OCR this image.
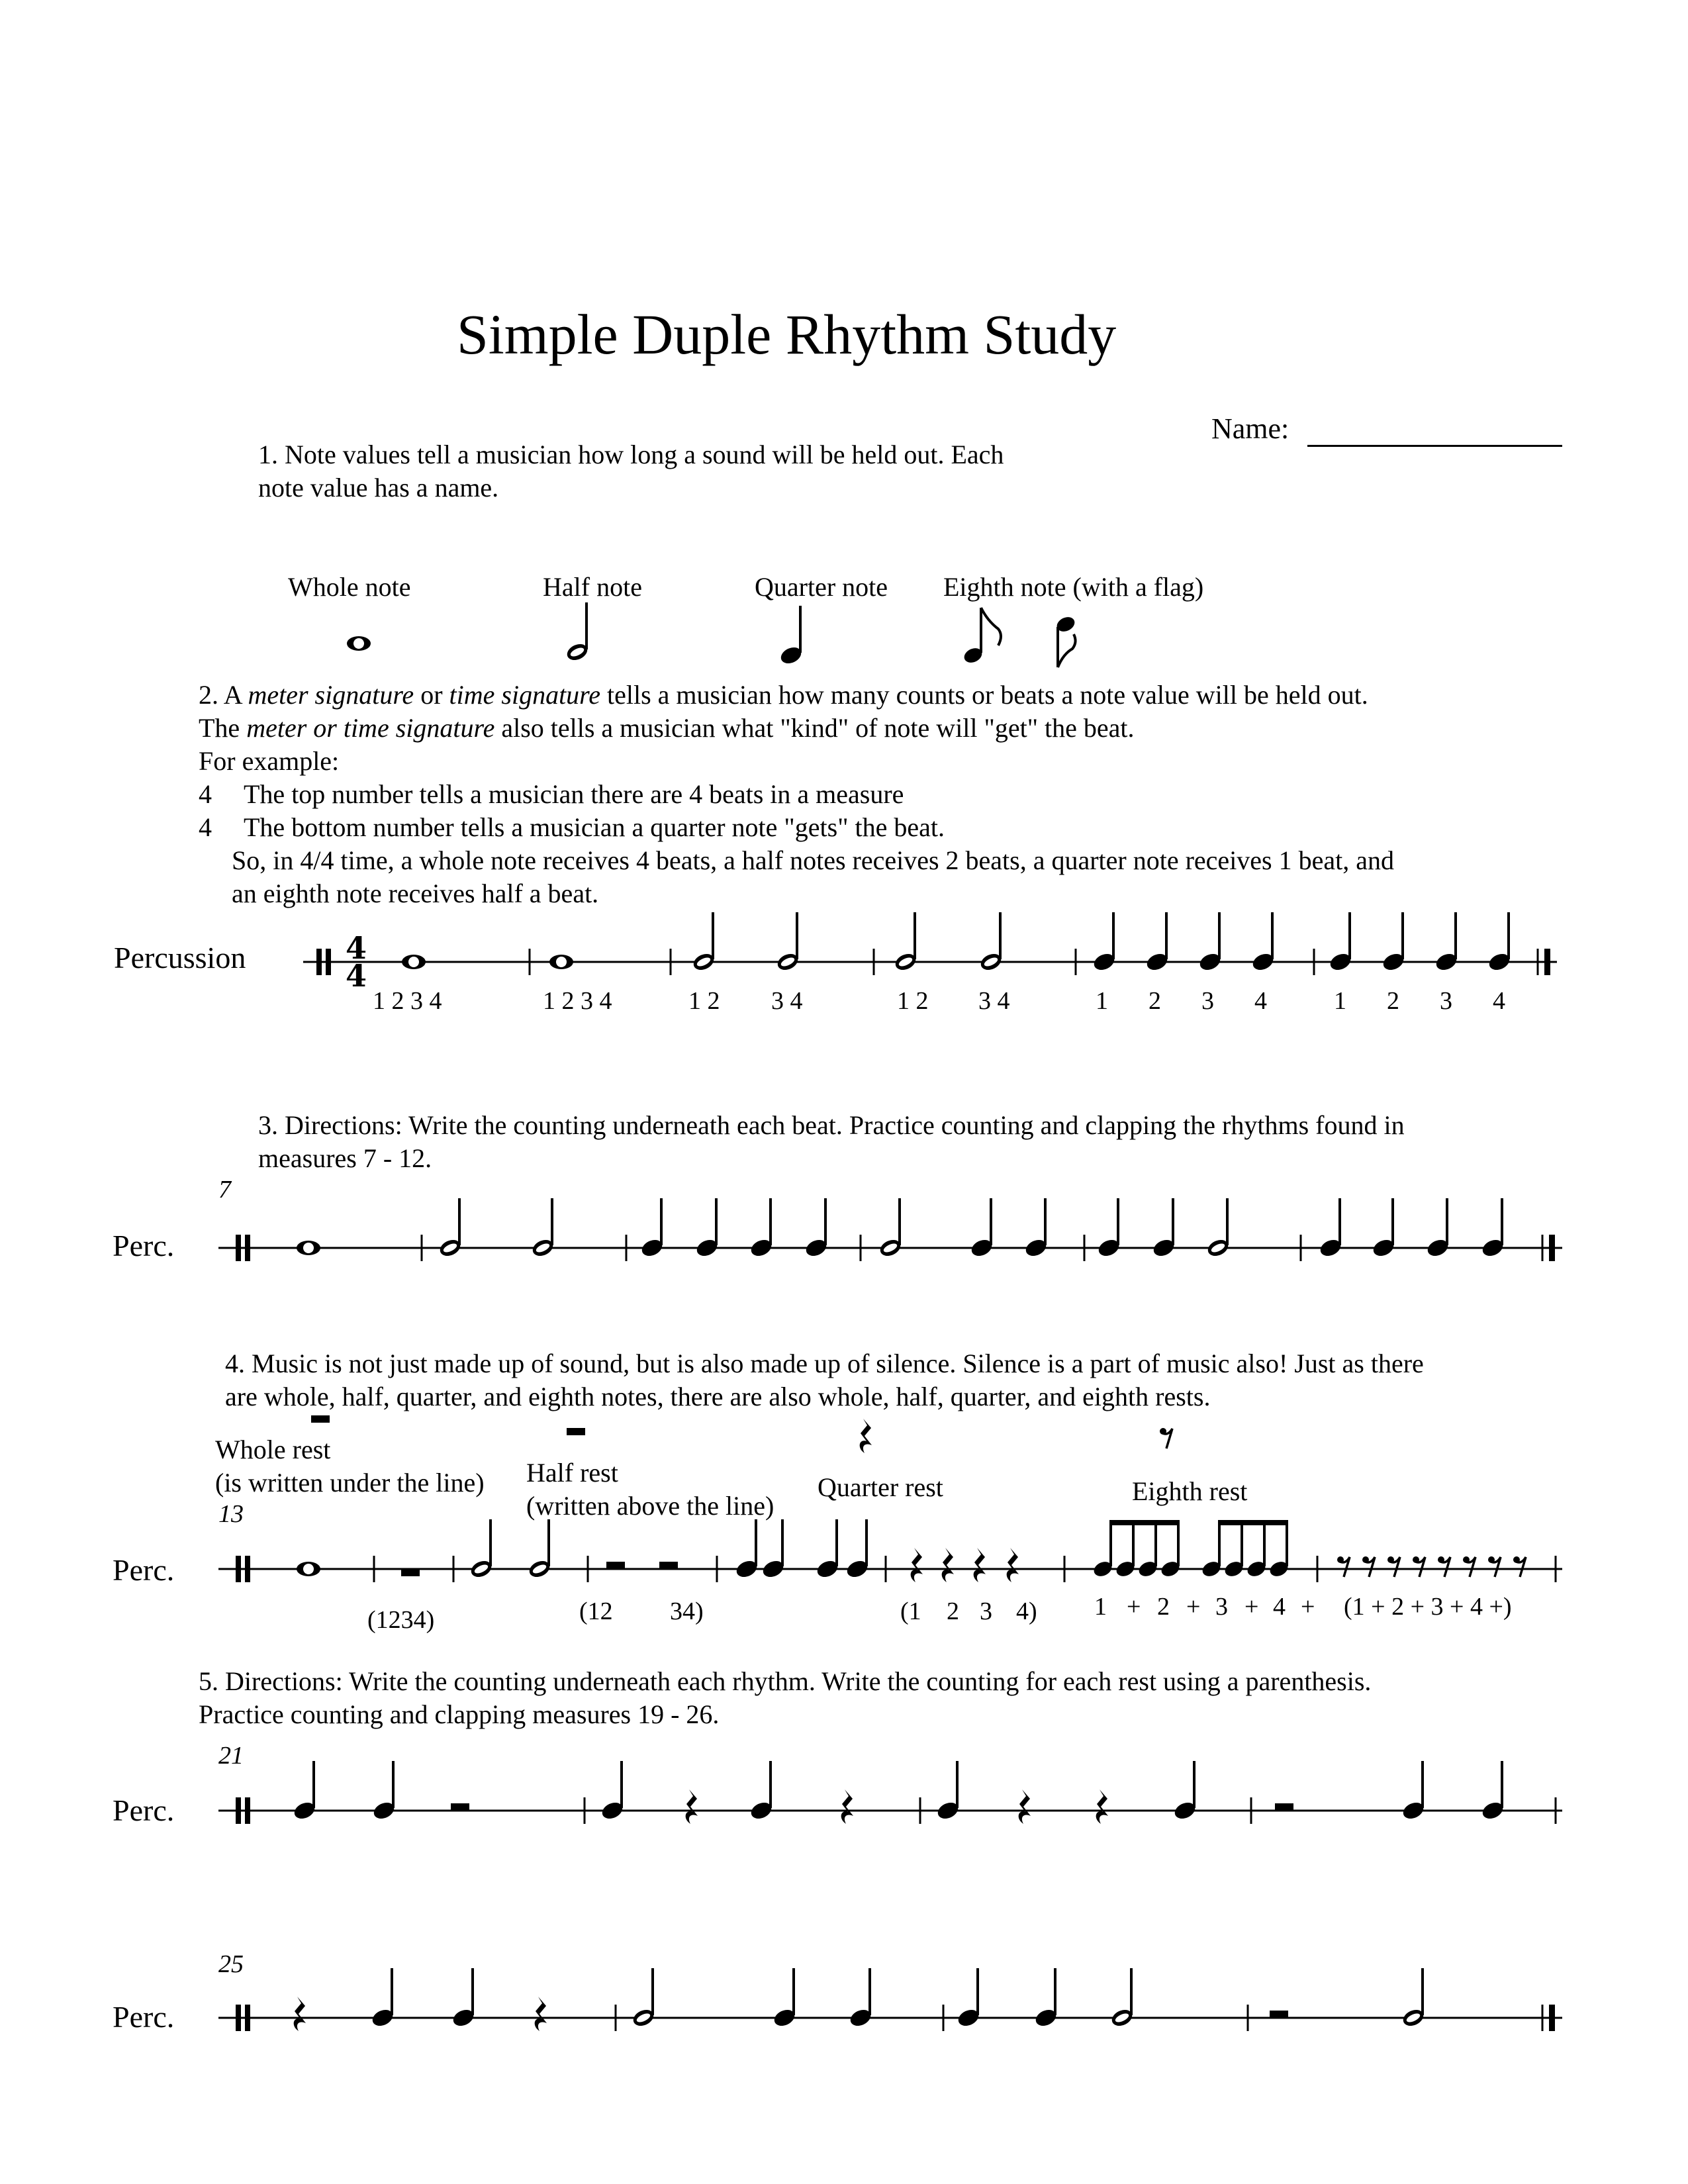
Simple Duple Rhythm Study
Name:
1. Note values tell a musician how long a sound will be held out. Each
note value has a name.
Whole note	Half note	Quarter note Eighth note (with a flag)
2. A meter signature or time signature tells a musician how many counts or beats a note value will be held out.
The meter or time signature also tells a musician what "kind" of note will "get" the beat.
For example:
4 The top number tells a musician there are 4 beats in a measure
4 The bottom number tells a musician a quarter note "gets" the beat.
So, in 4/4 time, a whole note receives 4 beats, a half notes receives 2 beats, a quarter note receives 1 beat, and
an eighth note receives half a beat.
Percussion
1 2 3 4	1 2 3 4	1 2 3 4	1 2 3 4	1 2 3 4	1 2 3 4
3. Directions: Write the counting underneath each beat. Practice counting and clapping the rhythms found in
measures 7 - 12.
7
Perc.
4. Music is not just made up of sound, but is also made up of silence. Silence is a part of music also! Just as there
are whole, half, quarter, and eighth notes, there are also whole, half, quarter, and eighth rests.
Whole rest
(is written under the line) Half rest
(written above the line)
Quarter rest	Eighth rest
13
Perc.
(1234)	(12 34)	(1 2 3 4) 1 + 2 + 3 + 4 + (1 + 2 + 3 + 4 +)
5. Directions: Write the counting underneath each rhythm. Write the counting for each rest using a parenthesis.
Practice counting and clapping measures 19 - 26.
21
Perc.
25
Perc.
4
4
